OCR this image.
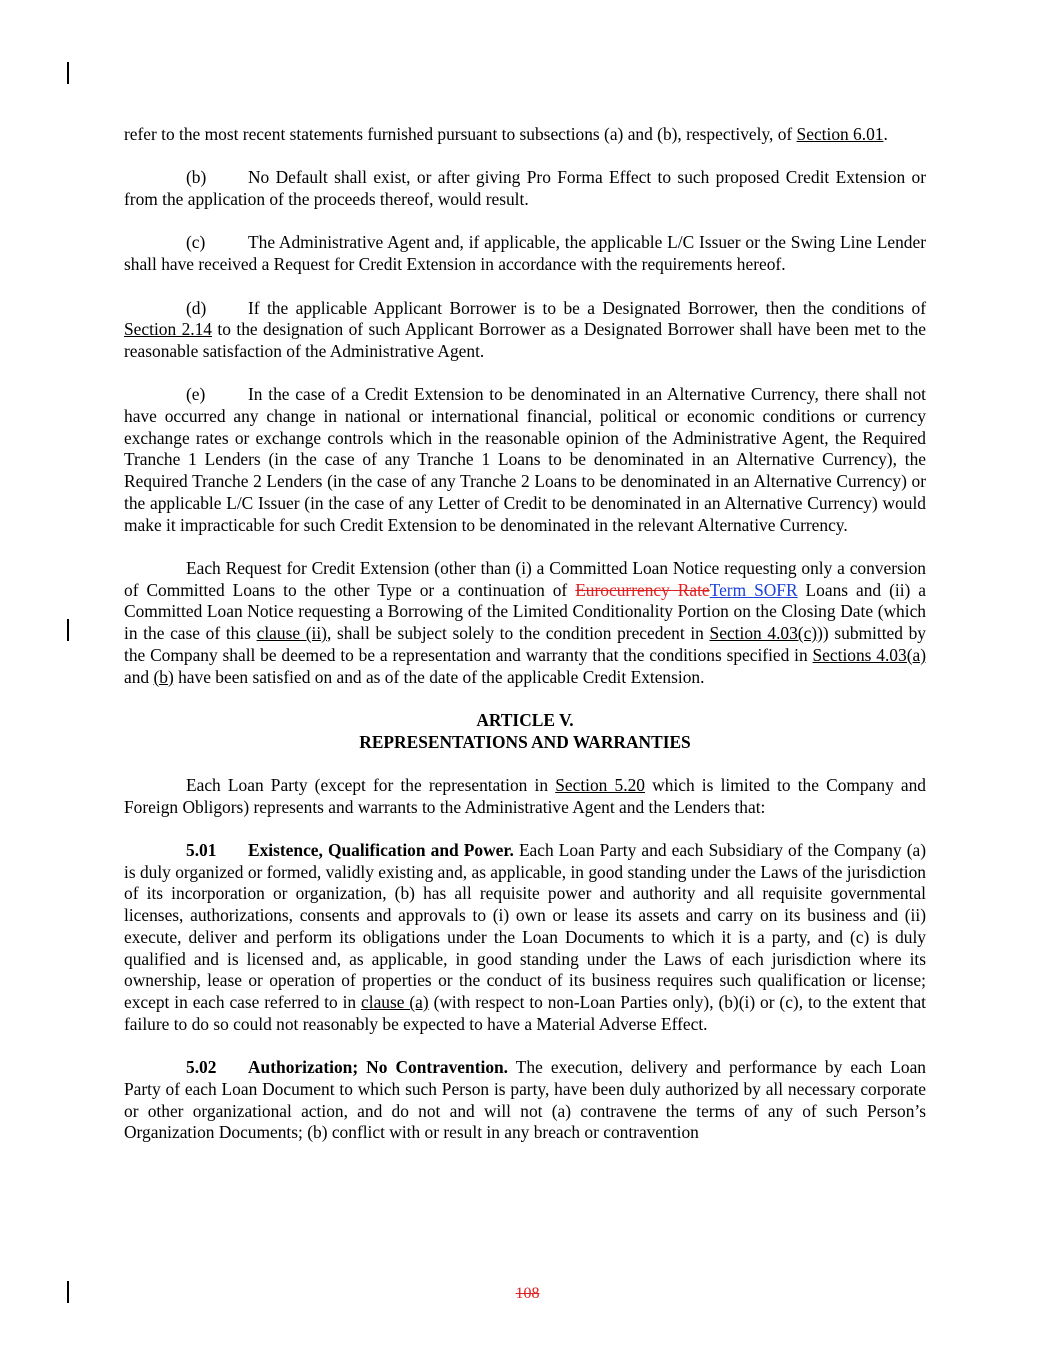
refer to the most recent statements furnished pursuant to subsections (a) and (b), respectively, of Section 6.01.

(b) No Default shall exist, or after giving Pro Forma Effect to such proposed Credit Extension or from the application of the proceeds thereof, would result.

(c) The Administrative Agent and, if applicable, the applicable L/C Issuer or the Swing Line Lender shall have received a Request for Credit Extension in accordance with the requirements hereof.

(d) If the applicable Applicant Borrower is to be a Designated Borrower, then the conditions of Section 2.14 to the designation of such Applicant Borrower as a Designated Borrower shall have been met to the reasonable satisfaction of the Administrative Agent.

(e) In the case of a Credit Extension to be denominated in an Alternative Currency, there shall not have occurred any change in national or international financial, political or economic conditions or currency exchange rates or exchange controls which in the reasonable opinion of the Administrative Agent, the Required Tranche 1 Lenders (in the case of any Tranche 1 Loans to be denominated in an Alternative Currency), the Required Tranche 2 Lenders (in the case of any Tranche 2 Loans to be denominated in an Alternative Currency) or the applicable L/C Issuer (in the case of any Letter of Credit to be denominated in an Alternative Currency) would make it impracticable for such Credit Extension to be denominated in the relevant Alternative Currency.

Each Request for Credit Extension (other than (i) a Committed Loan Notice requesting only a conversion of Committed Loans to the other Type or a continuation of Eurocurrency RateTerm SOFR Loans and (ii) a Committed Loan Notice requesting a Borrowing of the Limited Conditionality Portion on the Closing Date (which in the case of this clause (ii), shall be subject solely to the condition precedent in Section 4.03(c))) submitted by the Company shall be deemed to be a representation and warranty that the conditions specified in Sections 4.03(a) and (b) have been satisfied on and as of the date of the applicable Credit Extension.

ARTICLE V.
REPRESENTATIONS AND WARRANTIES

Each Loan Party (except for the representation in Section 5.20 which is limited to the Company and Foreign Obligors) represents and warrants to the Administrative Agent and the Lenders that:

5.01 Existence, Qualification and Power. Each Loan Party and each Subsidiary of the Company (a) is duly organized or formed, validly existing and, as applicable, in good standing under the Laws of the jurisdiction of its incorporation or organization, (b) has all requisite power and authority and all requisite governmental licenses, authorizations, consents and approvals to (i) own or lease its assets and carry on its business and (ii) execute, deliver and perform its obligations under the Loan Documents to which it is a party, and (c) is duly qualified and is licensed and, as applicable, in good standing under the Laws of each jurisdiction where its ownership, lease or operation of properties or the conduct of its business requires such qualification or license; except in each case referred to in clause (a) (with respect to non-Loan Parties only), (b)(i) or (c), to the extent that failure to do so could not reasonably be expected to have a Material Adverse Effect.

5.02 Authorization; No Contravention. The execution, delivery and performance by each Loan Party of each Loan Document to which such Person is party, have been duly authorized by all necessary corporate or other organizational action, and do not and will not (a) contravene the terms of any of such Person’s Organization Documents; (b) conflict with or result in any breach or contravention

108
